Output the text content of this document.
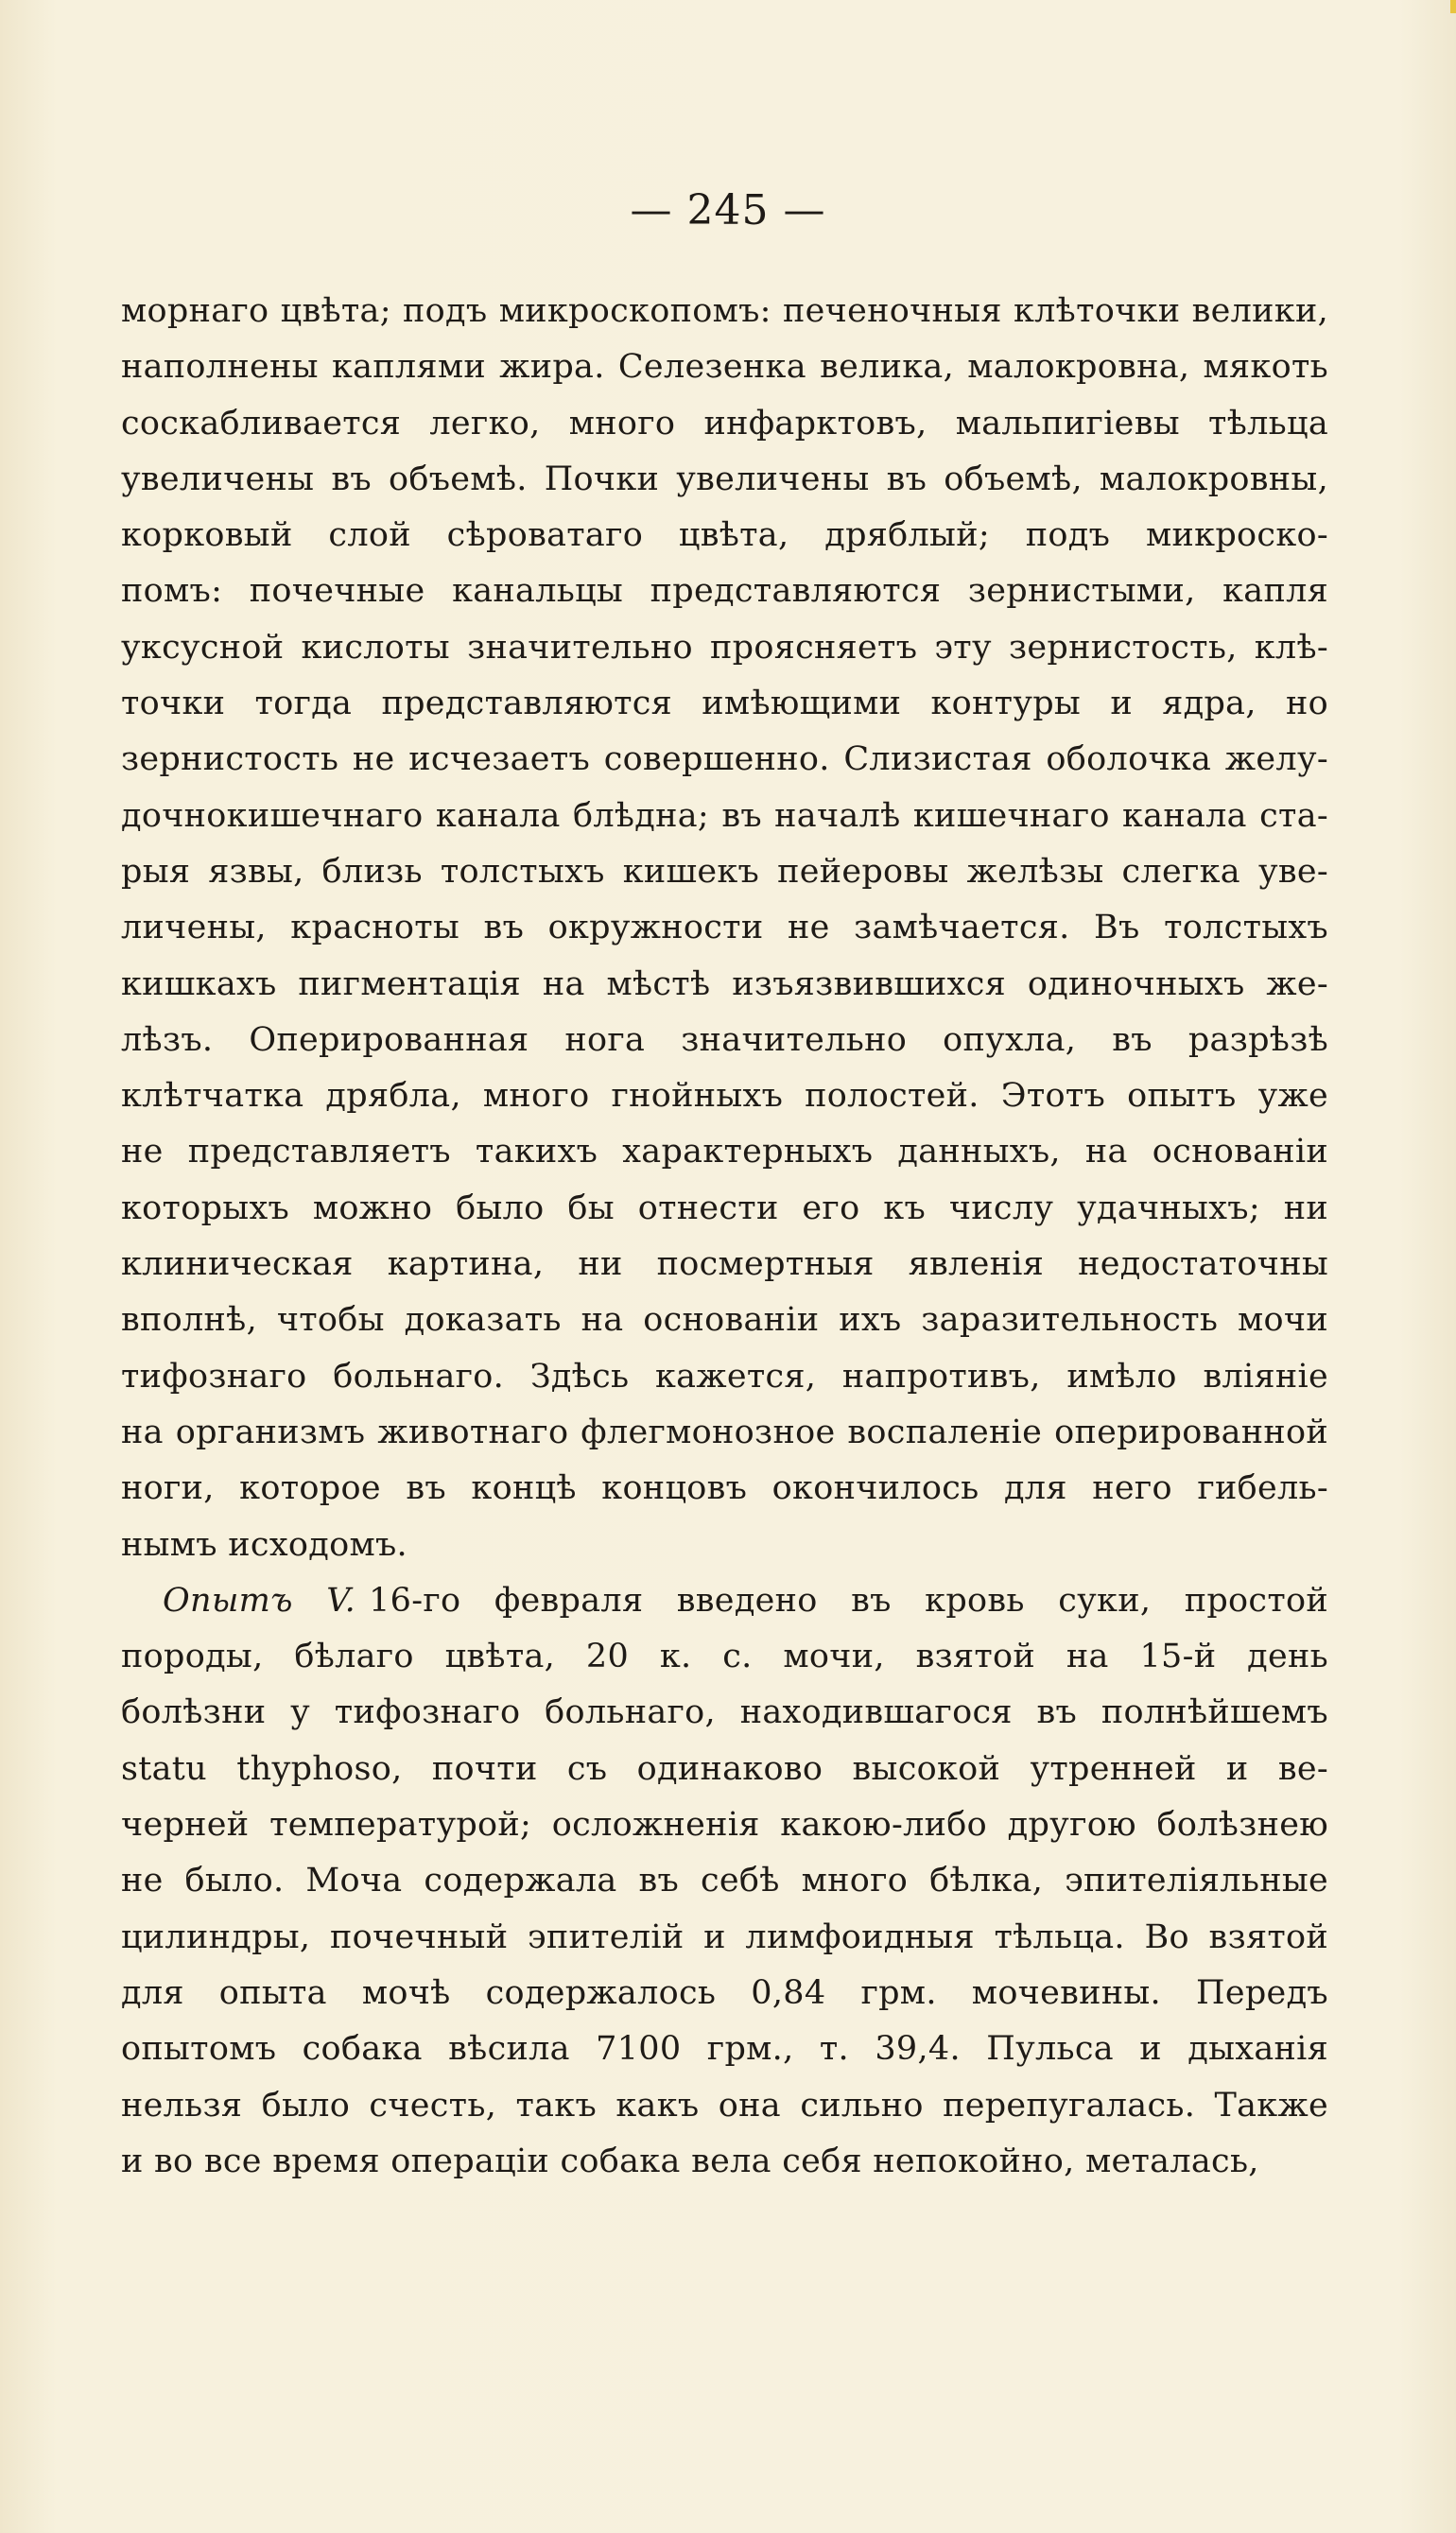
— 245 —
морнаго цвѣта; подъ микроскопомъ: печеночныя клѣточки велики,
наполнены каплями жира. Селезенка велика, малокровна, мякоть
соскабливается легко, много инфарктовъ, мальпигіевы тѣльца
увеличены въ объемѣ. Почки увеличены въ объемѣ, малокровны,
корковый слой сѣроватаго цвѣта, дряблый; подъ микроско-
помъ: почечные канальцы представляются зернистыми, капля
уксусной кислоты значительно проясняетъ эту зернистость, клѣ-
точки тогда представляются имѣющими контуры и ядра, но
зернистость не исчезаетъ совершенно. Слизистая оболочка желу-
дочнокишечнаго канала блѣдна; въ началѣ кишечнаго канала ста-
рыя язвы, близь толстыхъ кишекъ пейеровы желѣзы слегка уве-
личены, красноты въ окружности не замѣчается. Въ толстыхъ
кишкахъ пигментація на мѣстѣ изъязвившихся одиночныхъ же-
лѣзъ. Оперированная нога значительно опухла, въ разрѣзѣ
клѣтчатка дрябла, много гнойныхъ полостей. Этотъ опытъ уже
не представляетъ такихъ характерныхъ данныхъ, на основаніи
которыхъ можно было бы отнести его къ числу удачныхъ; ни
клиническая картина, ни посмертныя явленія недостаточны
вполнѣ, чтобы доказать на основаніи ихъ заразительность мочи
тифознаго больнаго. Здѣсь кажется, напротивъ, имѣло вліяніе
на организмъ животнаго флегмонозное воспаленіе оперированной
ноги, которое въ концѣ концовъ окончилось для него гибель-
нымъ исходомъ.
Опытъ V. 16-го февраля введено въ кровь суки, простой
породы, бѣлаго цвѣта, 20 к. с. мочи, взятой на 15-й день
болѣзни у тифознаго больнаго, находившагося въ полнѣйшемъ
statu thyphoso, почти съ одинаково высокой утренней и ве-
черней температурой; осложненія какою-либо другою болѣзнею
не было. Моча содержала въ себѣ много бѣлка, эпителіяльные
цилиндры, почечный эпителій и лимфоидныя тѣльца. Во взятой
для опыта мочѣ содержалось 0,84 грм. мочевины. Передъ
опытомъ собака вѣсила 7100 грм., т. 39,4. Пульса и дыханія
нельзя было счесть, такъ какъ она сильно перепугалась. Также
и во все время операціи собака вела себя непокойно, металась,
